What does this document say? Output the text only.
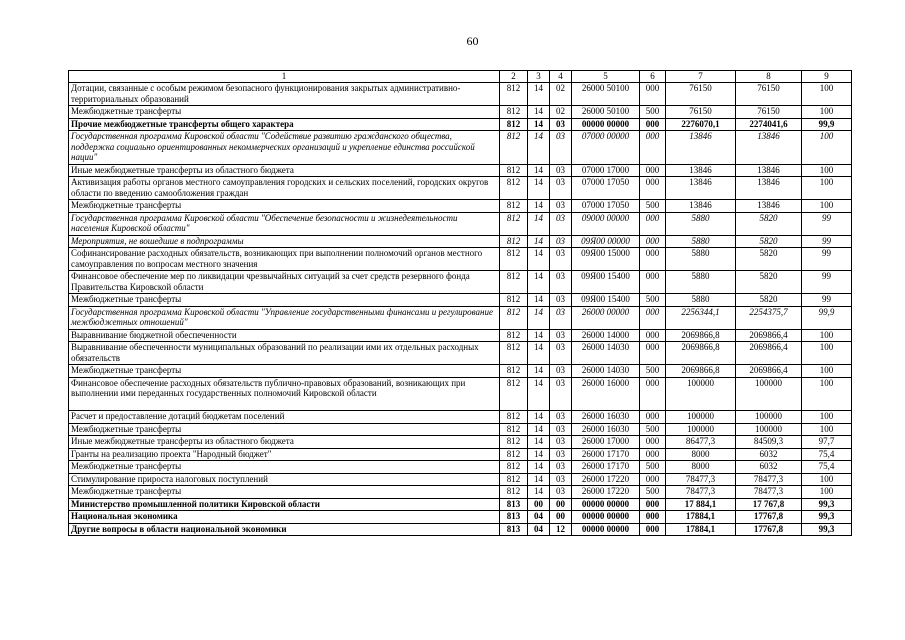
60
1	2	3	4	5	6	7	8	9
Дотации, связанные с особым режимом безопасного функционирования закрытых административно-территориальных образований	812	14	02	26000 50100	000	76150	76150	100
Межбюджетные трансферты	812	14	02	26000 50100	500	76150	76150	100
Прочие межбюджетные трансферты общего характера	812	14	03	00000 00000	000	2276070,1	2274041,6	99,9
Государственная программа Кировской области "Содействие развитию гражданского общества, поддержка социально ориентированных некоммерческих организаций и укрепление единства российской нации"	812	14	03	07000 00000	000	13846	13846	100
Иные межбюджетные трансферты из областного бюджета	812	14	03	07000 17000	000	13846	13846	100
Активизация работы органов местного самоуправления городских и сельских поселений, городских округов области по введению самообложения граждан	812	14	03	07000 17050	000	13846	13846	100
Межбюджетные трансферты	812	14	03	07000 17050	500	13846	13846	100
Государственная программа Кировской области "Обеспечение безопасности и жизнедеятельности населения Кировской области"	812	14	03	09000 00000	000	5880	5820	99
Мероприятия, не вошедшие в подпрограммы	812	14	03	09Я00 00000	000	5880	5820	99
Софинансирование расходных обязательств, возникающих при выполнении полномочий органов местного самоуправления по вопросам местного значения	812	14	03	09Я00 15000	000	5880	5820	99
Финансовое обеспечение мер по ликвидации чрезвычайных ситуаций за счет средств резервного фонда Правительства Кировской области	812	14	03	09Я00 15400	000	5880	5820	99
Межбюджетные трансферты	812	14	03	09Я00 15400	500	5880	5820	99
Государственная программа Кировской области "Управление государственными финансами и регулирование межбюджетных отношений"	812	14	03	26000 00000	000	2256344,1	2254375,7	99,9
Выравнивание бюджетной обеспеченности	812	14	03	26000 14000	000	2069866,8	2069866,4	100
Выравнивание обеспеченности муниципальных образований по реализации ими их отдельных расходных обязательств	812	14	03	26000 14030	000	2069866,8	2069866,4	100
Межбюджетные трансферты	812	14	03	26000 14030	500	2069866,8	2069866,4	100
Финансовое обеспечение расходных обязательств публично-правовых образований, возникающих при выполнении ими переданных государственных полномочий Кировской области	812	14	03	26000 16000	000	100000	100000	100
Расчет и предоставление дотаций бюджетам поселений	812	14	03	26000 16030	000	100000	100000	100
Межбюджетные трансферты	812	14	03	26000 16030	500	100000	100000	100
Иные межбюджетные трансферты из областного бюджета	812	14	03	26000 17000	000	86477,3	84509,3	97,7
Гранты на реализацию проекта "Народный бюджет"	812	14	03	26000 17170	000	8000	6032	75,4
Межбюджетные трансферты	812	14	03	26000 17170	500	8000	6032	75,4
Стимулирование прироста налоговых поступлений	812	14	03	26000 17220	000	78477,3	78477,3	100
Межбюджетные трансферты	812	14	03	26000 17220	500	78477,3	78477,3	100
Министерство промышленной политики Кировской области	813	00	00	00000 00000	000	17 884,1	17 767,8	99,3
Национальная экономика	813	04	00	00000 00000	000	17884,1	17767,8	99,3
Другие вопросы в области национальной экономики	813	04	12	00000 00000	000	17884,1	17767,8	99,3
